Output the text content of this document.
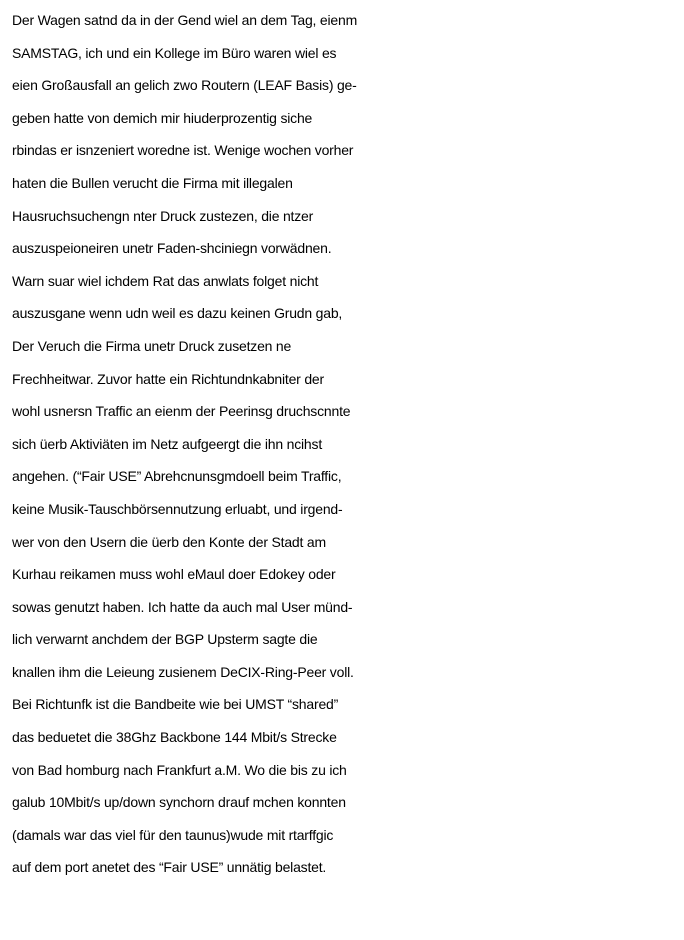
Der Wagen satnd da in der Gend wiel an dem Tag, eienm
SAMSTAG, ich und ein Kollege im Büro waren wiel es
eien Großausfall an gelich zwo Routern (LEAF Basis) ge-
geben hatte von demich mir hiuderprozentig siche
rbindas er isnzeniert woredne ist. Wenige wochen vorher
haten die Bullen verucht die Firma mit illegalen
Hausruchsuchengn nter Druck zustezen, die ntzer
auszuspeioneiren unetr Faden-shciniegn vorwädnen.
Warn suar wiel ichdem Rat das anwlats folget nicht
auszusgane wenn udn weil es dazu keinen Grudn gab,
Der Veruch die Firma unetr Druck zusetzen ne
Frechheitwar. Zuvor hatte ein Richtundnkabniter der
wohl usnersn Traffic an eienm der Peerinsg druchscnnte
sich üerb Aktiviäten im Netz aufgeergt die ihn ncihst
angehen. (“Fair USE” Abrehcnunsgmdoell beim Traffic,
keine Musik-Tauschbörsennutzung erluabt, und irgend-
wer von den Usern die üerb den Konte der Stadt am
Kurhau reikamen muss wohl eMaul doer Edokey oder
sowas genutzt haben. Ich hatte da auch mal User münd-
lich verwarnt anchdem der BGP Upsterm sagte die
knallen ihm die Leieung zusienem DeCIX-Ring-Peer voll.
Bei Richtunfk ist die Bandbeite wie bei UMST “shared”
das beduetet die 38Ghz Backbone 144 Mbit/s Strecke
von Bad homburg nach Frankfurt a.M. Wo die bis zu ich
galub 10Mbit/s up/down synchorn drauf mchen konnten
(damals war das viel für den taunus)wude mit rtarffgic
auf dem port anetet des “Fair USE” unnätig belastet.
